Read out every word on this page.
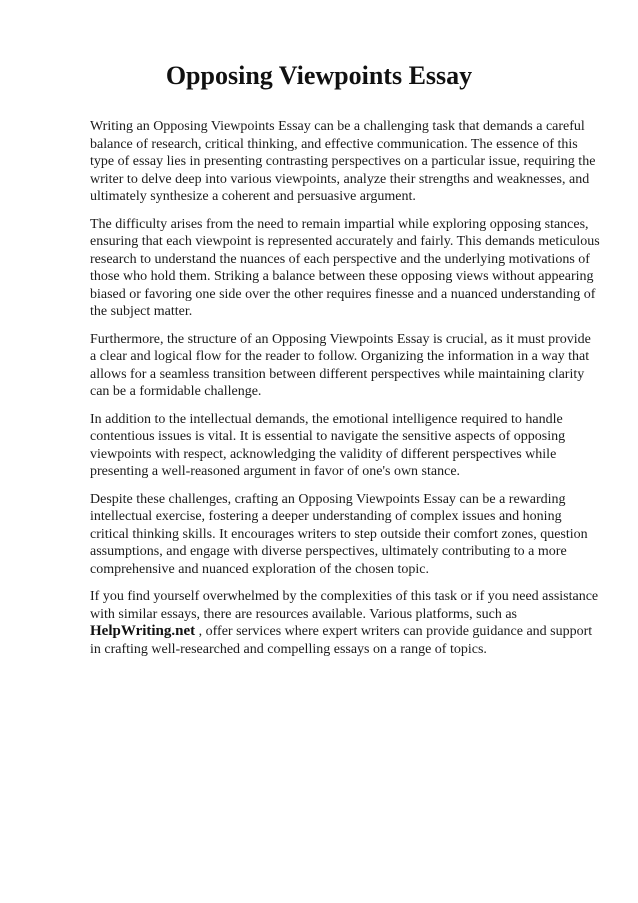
Opposing Viewpoints Essay

Writing an Opposing Viewpoints Essay can be a challenging task that demands a careful balance of research, critical thinking, and effective communication. The essence of this type of essay lies in presenting contrasting perspectives on a particular issue, requiring the writer to delve deep into various viewpoints, analyze their strengths and weaknesses, and ultimately synthesize a coherent and persuasive argument.

The difficulty arises from the need to remain impartial while exploring opposing stances, ensuring that each viewpoint is represented accurately and fairly. This demands meticulous research to understand the nuances of each perspective and the underlying motivations of those who hold them. Striking a balance between these opposing views without appearing biased or favoring one side over the other requires finesse and a nuanced understanding of the subject matter.

Furthermore, the structure of an Opposing Viewpoints Essay is crucial, as it must provide a clear and logical flow for the reader to follow. Organizing the information in a way that allows for a seamless transition between different perspectives while maintaining clarity can be a formidable challenge.

In addition to the intellectual demands, the emotional intelligence required to handle contentious issues is vital. It is essential to navigate the sensitive aspects of opposing viewpoints with respect, acknowledging the validity of different perspectives while presenting a well-reasoned argument in favor of one's own stance.

Despite these challenges, crafting an Opposing Viewpoints Essay can be a rewarding intellectual exercise, fostering a deeper understanding of complex issues and honing critical thinking skills. It encourages writers to step outside their comfort zones, question assumptions, and engage with diverse perspectives, ultimately contributing to a more comprehensive and nuanced exploration of the chosen topic.

If you find yourself overwhelmed by the complexities of this task or if you need assistance with similar essays, there are resources available. Various platforms, such as HelpWriting.net , offer services where expert writers can provide guidance and support in crafting well-researched and compelling essays on a range of topics.
